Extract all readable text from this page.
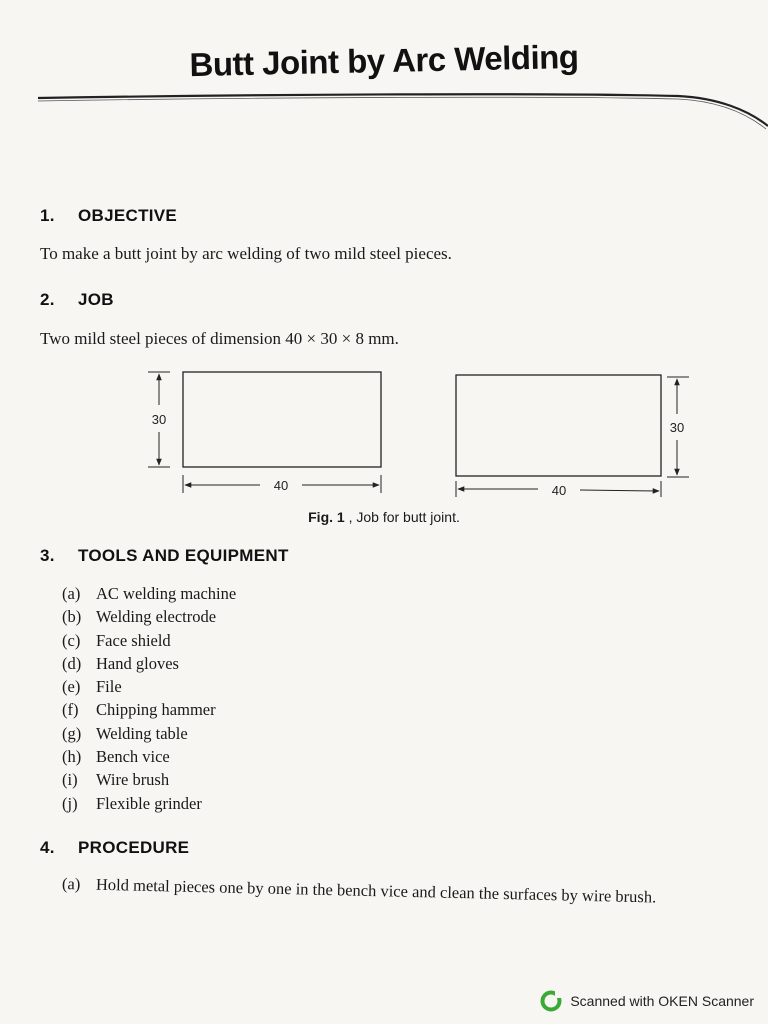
Butt Joint by Arc Welding
1. OBJECTIVE
To make a butt joint by arc welding of two mild steel pieces.
2. JOB
Two mild steel pieces of dimension 40 × 30 × 8 mm.
30
40
30
40
Fig. 1 , Job for butt joint.
3. TOOLS AND EQUIPMENT
(a) AC welding machine
(b) Welding electrode
(c) Face shield
(d) Hand gloves
(e) File
(f) Chipping hammer
(g) Welding table
(h) Bench vice
(i) Wire brush
(j) Flexible grinder
4. PROCEDURE
(a) Hold metal pieces one by one in the bench vice and clean the surfaces by wire brush.
Scanned with OKEN Scanner
